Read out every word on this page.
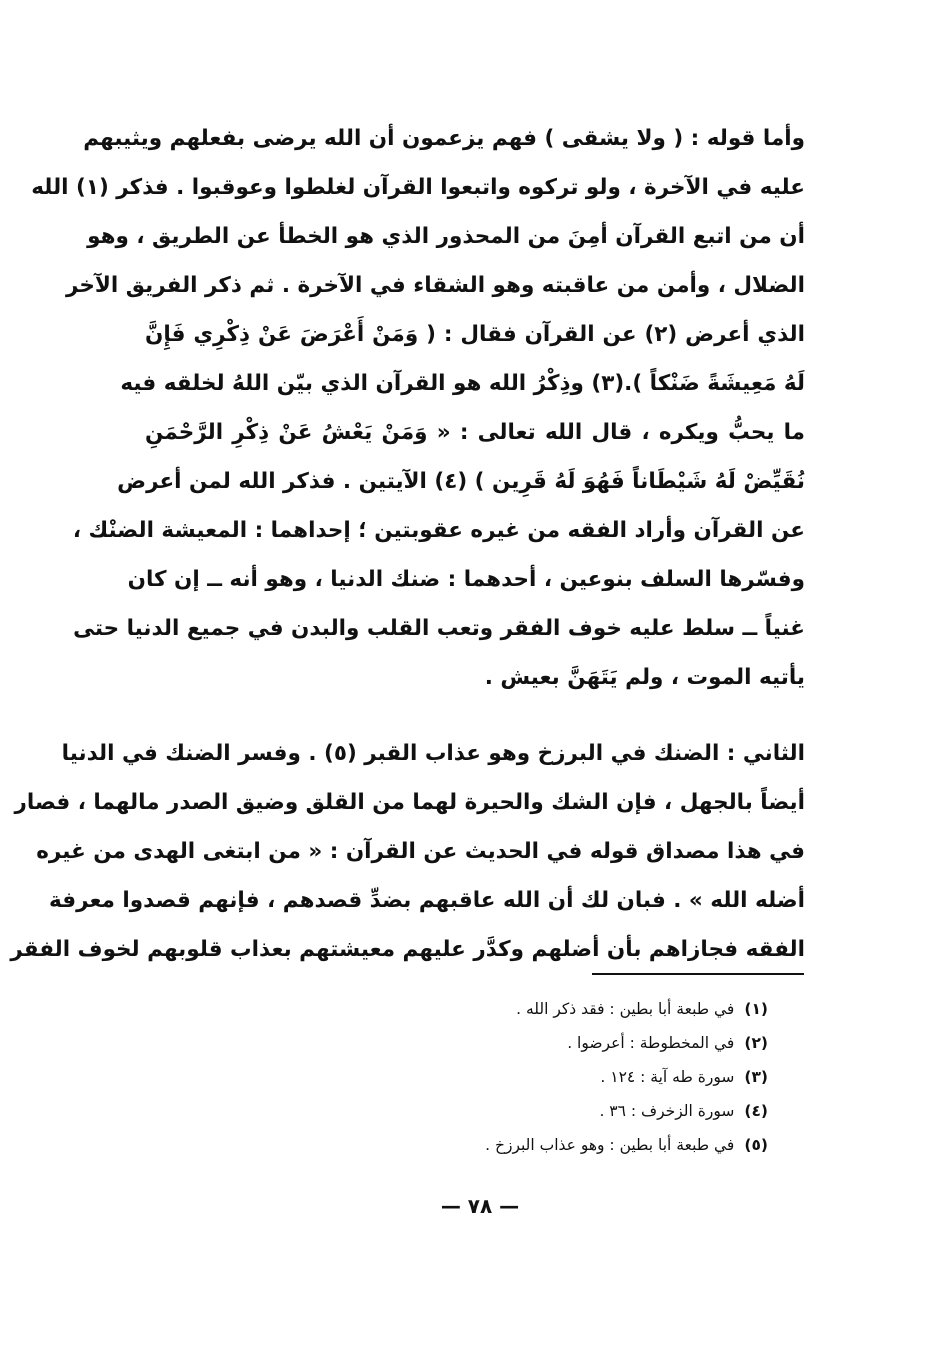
وأما قوله : ( ولا يشقى ) فهم يزعمون أن الله يرضى بفعلهم ويثيبهم
عليه في الآخرة ، ولو تركوه واتبعوا القرآن لغلطوا وعوقبوا . فذكر (١) الله
أن من اتبع القرآن أمِنَ من المحذور الذي هو الخطأ عن الطريق ، وهو
الضلال ، وأمن من عاقبته وهو الشقاء في الآخرة . ثم ذكر الفريق الآخر
الذي أعرض (٢) عن القرآن فقال : ( وَمَنْ أَعْرَضَ عَنْ ذِكْرِي فَإِنَّ
لَهُ مَعِيشَةً ضَنْكاً ).(٣) وذِكْرُ الله هو القرآن الذي بيّن اللهُ لخلقه فيه
ما يحبُّ ويكره ، قال الله تعالى : « وَمَنْ يَعْشُ عَنْ ذِكْرِ الرَّحْمَنِ
نُقَيِّضْ لَهُ شَيْطَاناً فَهُوَ لَهُ قَرِين ) (٤) الآيتين . فذكر الله لمن أعرض
عن القرآن وأراد الفقه من غيره عقوبتين ؛ إحداهما : المعيشة الضنْك ،
وفسّرها السلف بنوعين ، أحدهما : ضنك الدنيا ، وهو أنه ــ إن كان
غنياً ــ سلط عليه خوف الفقر وتعب القلب والبدن في جميع الدنيا حتى
يأتيه الموت ، ولم يَتَهَنَّ بعيش .
الثاني : الضنك في البرزخ وهو عذاب القبر (٥) . وفسر الضنك في الدنيا
أيضاً بالجهل ، فإن الشك والحيرة لهما من القلق وضيق الصدر مالهما ، فصار
في هذا مصداق قوله في الحديث عن القرآن : « من ابتغى الهدى من غيره
أضله الله » . فبان لك أن الله عاقبهم بضدِّ قصدهم ، فإنهم قصدوا معرفة
الفقه فجازاهم بأن أضلهم وكدَّر عليهم معيشتهم بعذاب قلوبهم لخوف الفقر
(١)في طبعة أبا بطين : فقد ذكر الله .
(٢)في المخطوطة : أعرضوا .
(٣)سورة طه آية : ١٢٤ .
(٤)سورة الزخرف : ٣٦ .
(٥)في طبعة أبا بطين : وهو عذاب البرزخ .
— ٧٨ —
